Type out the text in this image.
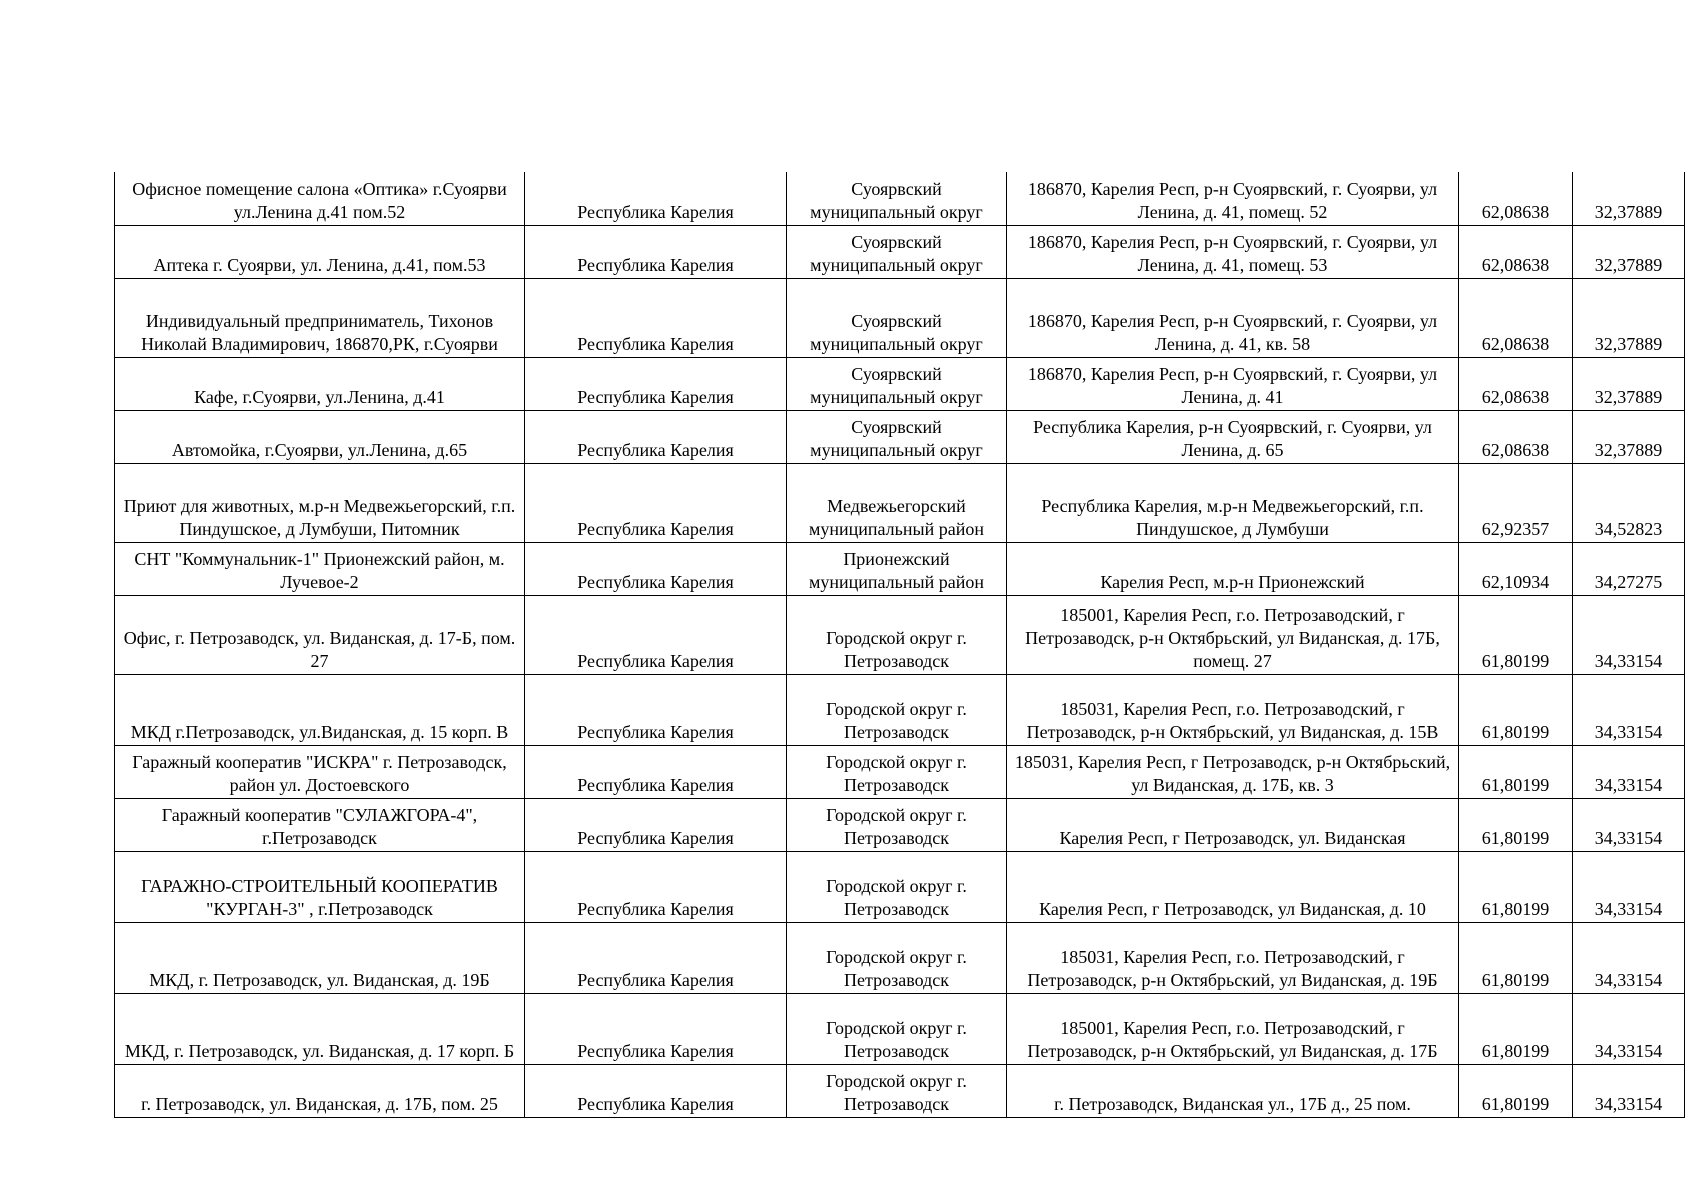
Офисное помещение салона «Оптика» г.Суоярви ул.Ленина д.41 пом.52	Республика Карелия	Суоярвский муниципальный округ	186870, Карелия Респ, р-н Суоярвский, г. Суоярви, ул Ленина, д. 41, помещ. 52	62,08638	32,37889
Аптека г. Суоярви, ул. Ленина, д.41, пом.53	Республика Карелия	Суоярвский муниципальный округ	186870, Карелия Респ, р-н Суоярвский, г. Суоярви, ул Ленина, д. 41, помещ. 53	62,08638	32,37889
Индивидуальный предприниматель, Тихонов Николай Владимирович, 186870,РК, г.Суоярви	Республика Карелия	Суоярвский муниципальный округ	186870, Карелия Респ, р-н Суоярвский, г. Суоярви, ул Ленина, д. 41, кв. 58	62,08638	32,37889
Кафе, г.Суоярви, ул.Ленина, д.41	Республика Карелия	Суоярвский муниципальный округ	186870, Карелия Респ, р-н Суоярвский, г. Суоярви, ул Ленина, д. 41	62,08638	32,37889
Автомойка, г.Суоярви, ул.Ленина, д.65	Республика Карелия	Суоярвский муниципальный округ	Республика Карелия, р-н Суоярвский, г. Суоярви, ул Ленина, д. 65	62,08638	32,37889
Приют для животных, м.р-н Медвежьегорский, г.п. Пиндушское, д Лумбуши, Питомник	Республика Карелия	Медвежьегорский муниципальный район	Республика Карелия, м.р-н Медвежьегорский, г.п. Пиндушское, д Лумбуши	62,92357	34,52823
СНТ "Коммунальник-1" Прионежский район, м. Лучевое-2	Республика Карелия	Прионежский муниципальный район	Карелия Респ, м.р-н Прионежский	62,10934	34,27275
Офис, г. Петрозаводск, ул. Виданская, д. 17-Б, пом. 27	Республика Карелия	Городской округ г. Петрозаводск	185001, Карелия Респ, г.о. Петрозаводский, г Петрозаводск, р-н Октябрьский, ул Виданская, д. 17Б, помещ. 27	61,80199	34,33154
МКД г.Петрозаводск, ул.Виданская, д. 15 корп. В	Республика Карелия	Городской округ г. Петрозаводск	185031, Карелия Респ, г.о. Петрозаводский, г Петрозаводск, р-н Октябрьский, ул Виданская, д. 15В	61,80199	34,33154
Гаражный кооператив "ИСКРА" г. Петрозаводск, район ул. Достоевского	Республика Карелия	Городской округ г. Петрозаводск	185031, Карелия Респ, г Петрозаводск, р-н Октябрьский, ул Виданская, д. 17Б, кв. 3	61,80199	34,33154
Гаражный кооператив "СУЛАЖГОРА-4", г.Петрозаводск	Республика Карелия	Городской округ г. Петрозаводск	Карелия Респ, г Петрозаводск, ул. Виданская	61,80199	34,33154
ГАРАЖНО-СТРОИТЕЛЬНЫЙ КООПЕРАТИВ "КУРГАН-3" , г.Петрозаводск	Республика Карелия	Городской округ г. Петрозаводск	Карелия Респ, г Петрозаводск, ул Виданская, д. 10	61,80199	34,33154
МКД, г. Петрозаводск, ул. Виданская, д. 19Б	Республика Карелия	Городской округ г. Петрозаводск	185031, Карелия Респ, г.о. Петрозаводский, г Петрозаводск, р-н Октябрьский, ул Виданская, д. 19Б	61,80199	34,33154
МКД, г. Петрозаводск, ул. Виданская, д. 17 корп. Б	Республика Карелия	Городской округ г. Петрозаводск	185001, Карелия Респ, г.о. Петрозаводский, г Петрозаводск, р-н Октябрьский, ул Виданская, д. 17Б	61,80199	34,33154
г. Петрозаводск, ул. Виданская, д. 17Б, пом. 25	Республика Карелия	Городской округ г. Петрозаводск	г. Петрозаводск, Виданская ул., 17Б д., 25 пом.	61,80199	34,33154
